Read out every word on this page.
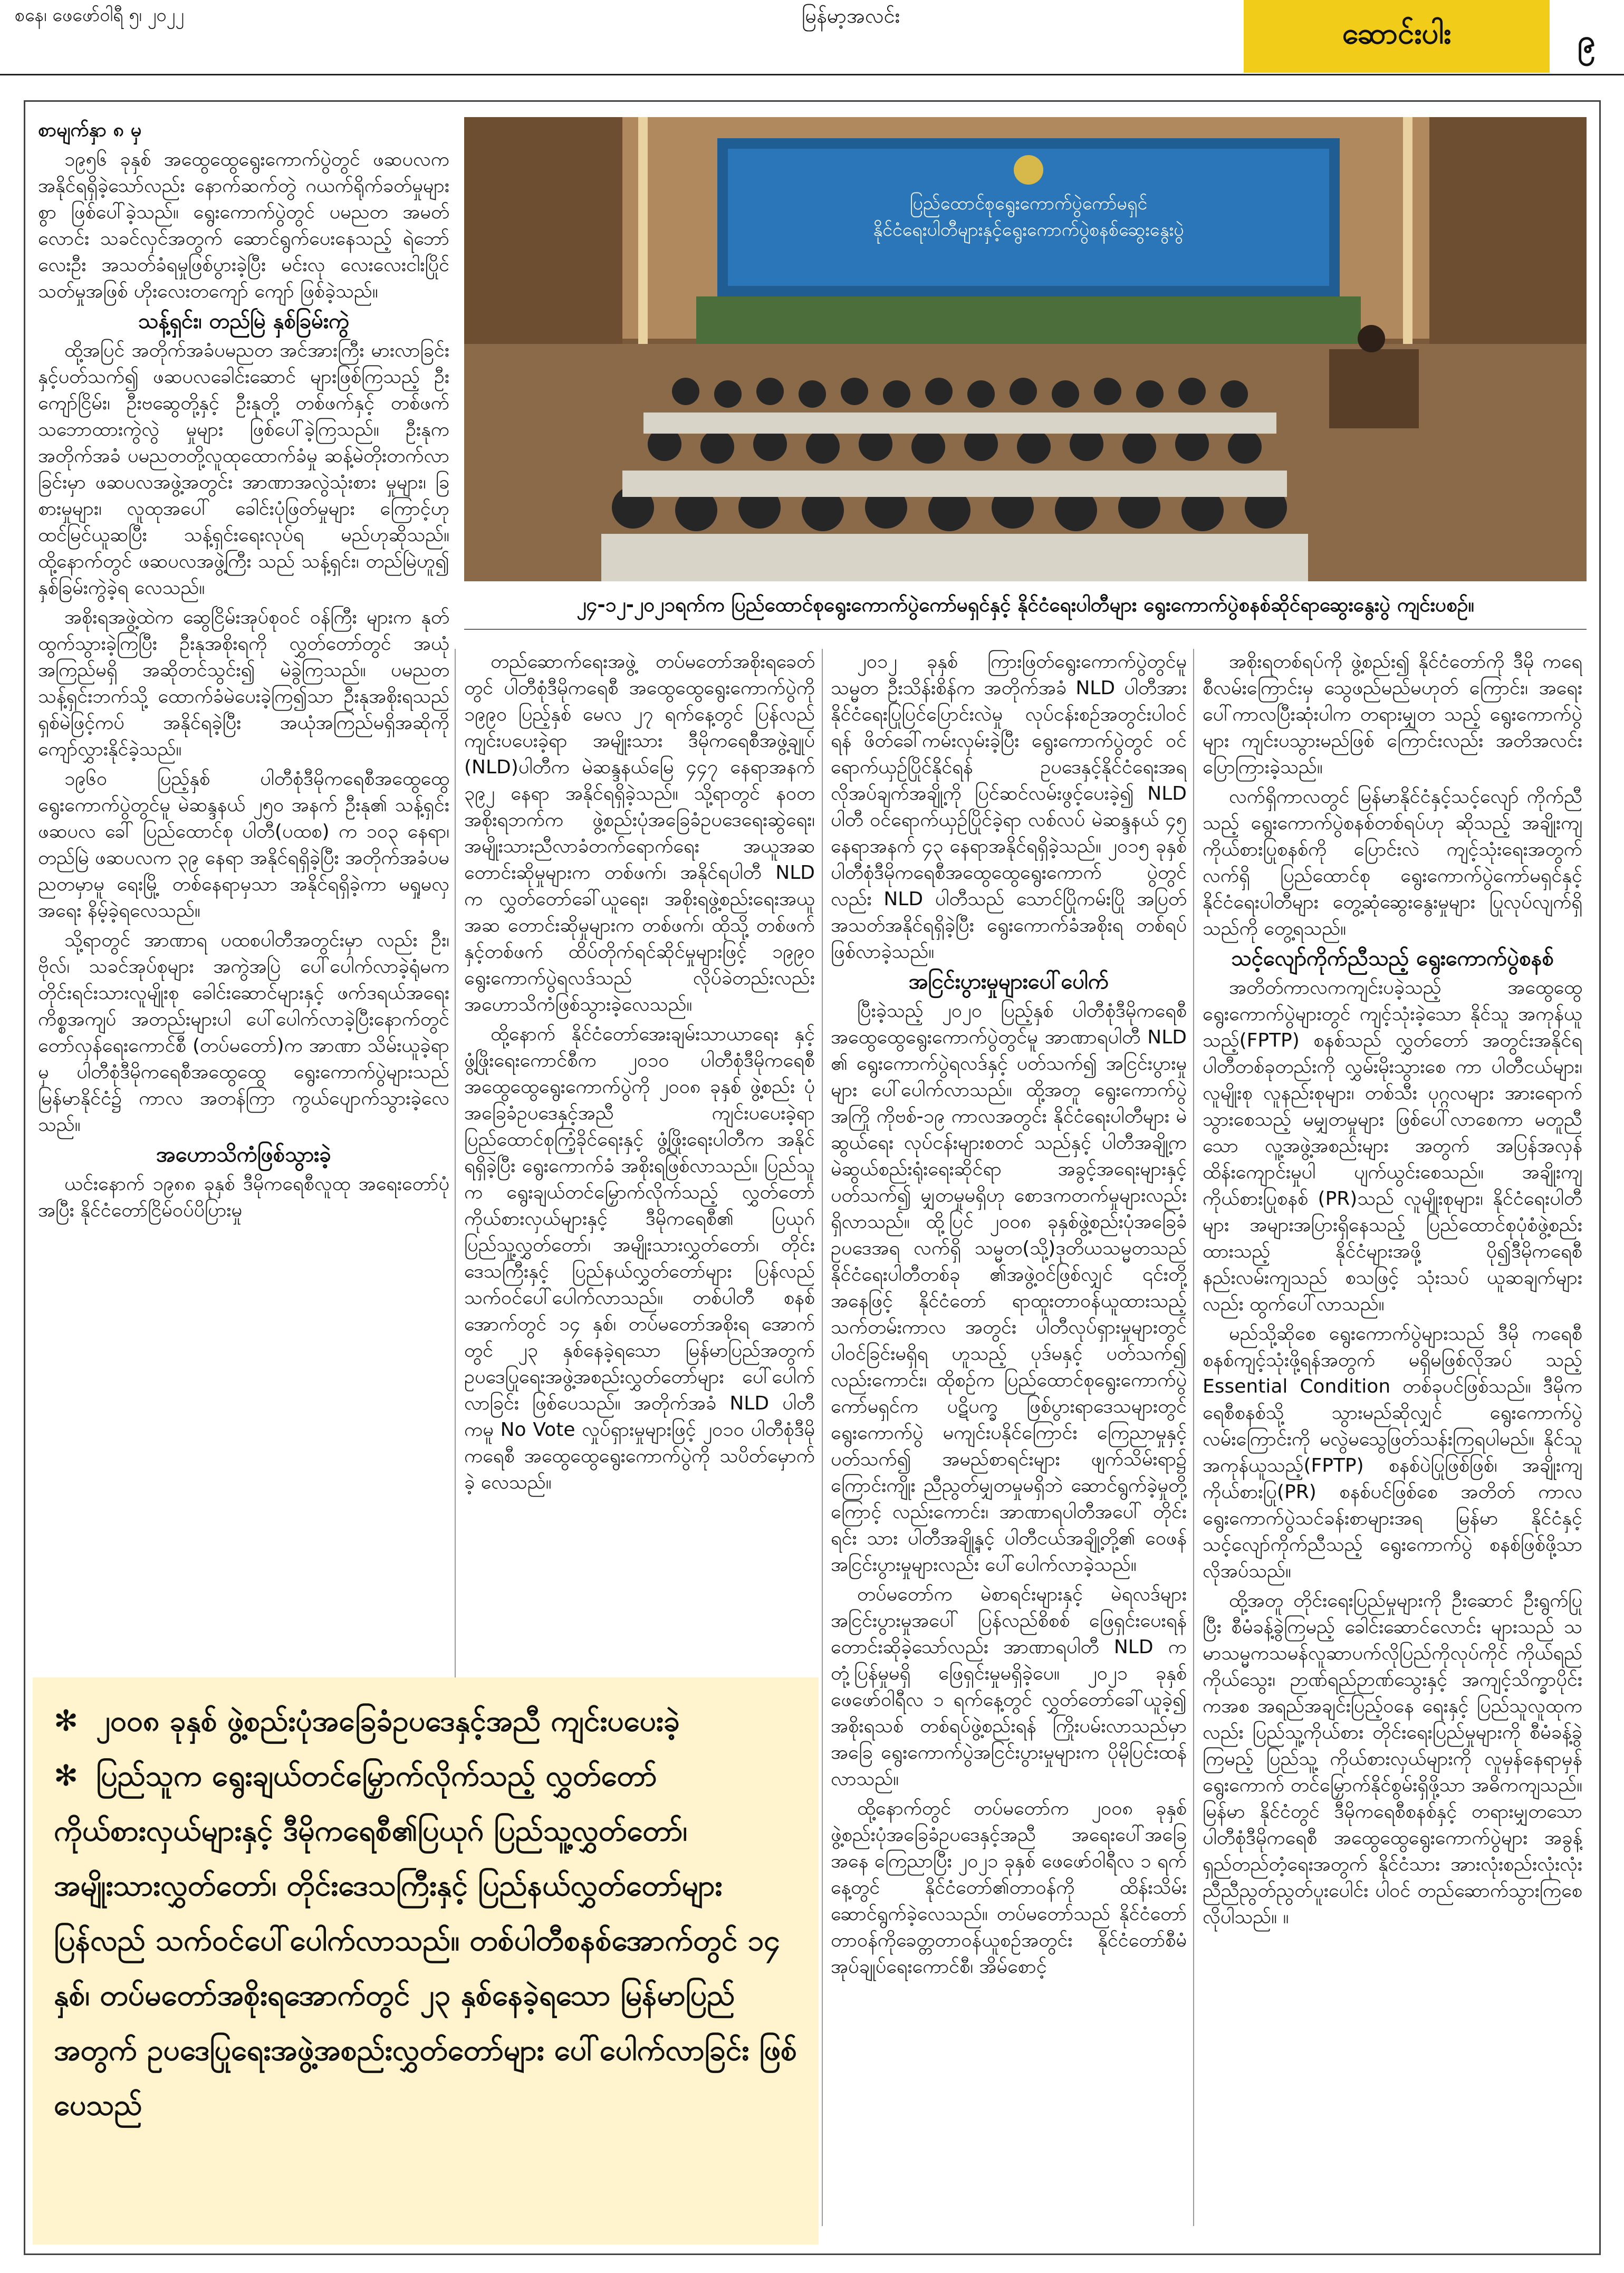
စနေ၊ ဖေဖော်ဝါရီ ၅၊ ၂၀၂၂	မြန်မာ့အလင်း
ဆောင်းပါး	၉
ပြည်ထောင်စုရွေးကောက်ပွဲကော်မရှင်
နိုင်ငံရေးပါတီများနှင့်ရွေးကောက်ပွဲစနစ်ဆွေးနွေးပွဲ
၂၄-၁၂-၂၀၂၁ရက်က ပြည်ထောင်စုရွေးကောက်ပွဲကော်မရှင်နှင့် နိုင်ငံရေးပါတီများ ရွေးကောက်ပွဲစနစ်ဆိုင်ရာဆွေးနွေးပွဲ ကျင်းပစဉ်။

စာမျက်နှာ ၈ မှ

၁၉၅၆ ခုနှစ် အထွေထွေရွေးကောက်ပွဲတွင် ဖဆပလကအနိုင်ရရှိခဲ့သော်လည်း နောက်ဆက်တွဲ ဂယက်ရိုက်ခတ်မှုများစွာ ဖြစ်ပေါ်ခဲ့သည်။ ရွေးကောက်ပွဲတွင် ပမညတ အမတ်လောင်း သခင်လှင်အတွက် ဆောင်ရွက်ပေးနေသည့် ရဲဘော် လေးဦး အသတ်ခံရမှုဖြစ်ပွားခဲ့ပြီး မင်းလု လေးလေးငါးပြိုင်သတ်မှုအဖြစ် ဟိုးလေးတကျော် ကျော် ဖြစ်ခဲ့သည်။

သန့်ရှင်း၊ တည်မြဲ နှစ်ခြမ်းကွဲ

ထို့အပြင် အတိုက်အခံပမညတ အင်အားကြီး မားလာခြင်းနှင့်ပတ်သက်၍ ဖဆပလခေါင်းဆောင် များဖြစ်ကြသည့် ဦးကျော်ငြိမ်း၊ ဦးဗဆွေတို့နှင့် ဦးနုတို့ တစ်ဖက်နှင့် တစ်ဖက်သဘောထားကွဲလွဲ မှုများ ဖြစ်ပေါ်ခဲ့ကြသည်။ ဦးနုက အတိုက်အခံ ပမညတတို့လူထုထောက်ခံမှု ဆန့်မဲတိုးတက်လာ ခြင်းမှာ ဖဆပလအဖွဲ့အတွင်း အာဏာအလွဲသုံးစား မှုများ၊ ခြစားမှုများ၊ လူထုအပေါ် ခေါင်းပုံဖြတ်မှုများ ကြောင့်ဟု ထင်မြင်ယူဆပြီး သန့်ရှင်းရေးလုပ်ရ မည်ဟုဆိုသည်။ ထို့နောက်တွင် ဖဆပလအဖွဲ့ကြီး သည် သန့်ရှင်း၊ တည်မြဲဟူ၍ နှစ်ခြမ်းကွဲခဲ့ရ လေသည်။

အစိုးရအဖွဲ့ထဲက ဆွေငြိမ်းအုပ်စုဝင် ဝန်ကြီး များက နုတ်ထွက်သွားခဲ့ကြပြီး ဦးနုအစိုးရကို လွှတ်တော်တွင် အယုံအကြည်မရှိ အဆိုတင်သွင်း၍ မဲခွဲကြသည်။ ပမညတ သန့်ရှင်းဘက်သို့ ထောက်ခံမဲပေးခဲ့ကြ၍သာ ဦးနုအစိုးရသည် ရှစ်မဲဖြင့်ကပ် အနိုင်ရခဲ့ပြီး အယုံအကြည်မရှိအဆိုကို ကျော်လွှားနိုင်ခဲ့သည်။

၁၉၆၀ ပြည့်နှစ် ပါတီစုံဒီမိုကရေစီအထွေထွေ ရွေးကောက်ပွဲတွင်မူ မဲဆန္ဒနယ် ၂၅၀ အနက် ဦးနု၏ သန့်ရှင်းဖဆပလ ခေါ် ပြည်ထောင်စု ပါတီ(ပထစ) က ၁၀၃ နေရာ၊ တည်မြဲ ဖဆပလက ၃၉ နေရာ အနိုင်ရရှိခဲ့ပြီး အတိုက်အခံပမညတမှာမူ ရေးမြို့ တစ်နေရာမှသာ အနိုင်ရရှိခဲ့ကာ မရှုမလှအရေး နိမ့်ခဲ့ရလေသည်။

သို့ရာတွင် အာဏာရ ပထစပါတီအတွင်းမှာ လည်း ဦး၊ ဗိုလ်၊ သခင်အုပ်စုများ အကွဲအပြဲ ပေါ်ပေါက်လာခဲ့ရုံမက တိုင်းရင်းသားလူမျိုးစု ခေါင်းဆောင်များနှင့် ဖက်ဒရယ်အရေးကိစ္စအကျပ် အတည်းများပါ ပေါ်ပေါက်လာခဲ့ပြီးနောက်တွင် တော်လှန်ရေးကောင်စီ (တပ်မတော်)က အာဏာ သိမ်းယူခဲ့ရာမှ ပါတီစုံဒီမိုကရေစီအထွေထွေ ရွေးကောက်ပွဲများသည် မြန်မာနိုင်ငံ၌ ကာလ အတန်ကြာ ကွယ်ပျောက်သွားခဲ့လေသည်။

အဟောသိကံဖြစ်သွားခဲ့

ယင်းနောက် ၁၉၈၈ ခုနှစ် ဒီမိုကရေစီလူထု အရေးတော်ပုံအပြီး နိုင်ငံတော်ငြိမ်ဝပ်ပိပြားမှု

တည်ဆောက်ရေးအဖွဲ့ တပ်မတော်အစိုးရခေတ်တွင် ပါတီစုံဒီမိုကရေစီ အထွေထွေရွေးကောက်ပွဲကို ၁၉၉၀ ပြည့်နှစ် မေလ ၂၇ ရက်နေ့တွင် ပြန်လည် ကျင်းပပေးခဲ့ရာ အမျိုးသား ဒီမိုကရေစီအဖွဲ့ချုပ် (NLD)ပါတီက မဲဆန္ဒနယ်မြေ ၄၄၇ နေရာအနက် ၃၉၂ နေရာ အနိုင်ရရှိခဲ့သည်။ သို့ရာတွင် နဝတ အစိုးရဘက်က ဖွဲ့စည်းပုံအခြေခံဥပဒေရေးဆွဲရေး၊ အမျိုးသားညီလာခံတက်ရောက်ရေး အယူအဆ တောင်းဆိုမှုများက တစ်ဖက်၊ အနိုင်ရပါတီ NLD က လွှတ်တော်ခေါ်ယူရေး၊ အစိုးရဖွဲ့စည်းရေးအယူ အဆ တောင်းဆိုမှုများက တစ်ဖက်၊ ထိုသို့ တစ်ဖက်နှင့်တစ်ဖက် ထိပ်တိုက်ရင်ဆိုင်မှုများဖြင့် ၁၉၉၀ ရွေးကောက်ပွဲရလဒ်သည် လိုပ်ခဲတည်းလည်း အဟောသိကံဖြစ်သွားခဲ့လေသည်။

ထို့နောက် နိုင်ငံတော်အေးချမ်းသာယာရေး နှင့်ဖွံ့ဖြိုးရေးကောင်စီက ၂၀၁၀ ပါတီစုံဒီမိုကရေစီ အထွေထွေရွေးကောက်ပွဲကို ၂၀၀၈ ခုနှစ် ဖွဲ့စည်း ပုံ အခြေခံဥပဒေနှင့်အညီ ကျင်းပပေးခဲ့ရာ ပြည်ထောင်စုကြံ့ခိုင်ရေးနှင့် ဖွံ့ဖြိုးရေးပါတီက အနိုင် ရရှိခဲ့ပြီး ရွေးကောက်ခံ အစိုးရဖြစ်လာသည်။ ပြည်သူက ရွေးချယ်တင်မြှောက်လိုက်သည့် လွှတ်တော်ကိုယ်စားလှယ်များနှင့် ဒီမိုကရေစီ၏ ပြယုဂ် ပြည်သူ့လွှတ်တော်၊ အမျိုးသားလွှတ်တော်၊ တိုင်းဒေသကြီးနှင့် ပြည်နယ်လွှတ်တော်များ ပြန်လည် သက်ဝင်ပေါ်ပေါက်လာသည်။ တစ်ပါတီ စနစ်အောက်တွင် ၁၄ နှစ်၊ တပ်မတော်အစိုးရ အောက်တွင် ၂၃ နှစ်နေခဲ့ရသော မြန်မာပြည်အတွက် ဥပဒေပြုရေးအဖွဲ့အစည်းလွှတ်တော်များ ပေါ်ပေါက် လာခြင်း ဖြစ်ပေသည်။ အတိုက်အခံ NLD ပါတီကမူ No Vote လှုပ်ရှားမှုများဖြင့် ၂၀၁၀ ပါတီစုံဒီမိုကရေစီ အထွေထွေရွေးကောက်ပွဲကို သပိတ်မှောက်ခဲ့ လေသည်။

၂၀၁၂ ခုနှစ် ကြားဖြတ်ရွေးကောက်ပွဲတွင်မူ သမ္မတ ဦးသိန်းစိန်က အတိုက်အခံ NLD ပါတီအား နိုင်ငံရေးပြုပြင်ပြောင်းလဲမှု လုပ်ငန်းစဉ်အတွင်းပါဝင် ရန် ဖိတ်ခေါ်ကမ်းလှမ်းခဲ့ပြီး ရွေးကောက်ပွဲတွင် ဝင်ရောက်ယှဉ်ပြိုင်နိုင်ရန် ဥပဒေနှင့်နိုင်ငံရေးအရ လိုအပ်ချက်အချို့ကို ပြင်ဆင်လမ်းဖွင့်ပေးခဲ့၍ NLD ပါတီ ဝင်ရောက်ယှဉ်ပြိုင်ခဲ့ရာ လစ်လပ် မဲဆန္ဒနယ် ၄၅ နေရာအနက် ၄၃ နေရာအနိုင်ရရှိခဲ့သည်။ ၂၀၁၅ ခုနှစ် ပါတီစုံဒီမိုကရေစီအထွေထွေရွေးကောက် ပွဲတွင်လည်း NLD ပါတီသည် သောင်ပြိုကမ်းပြို အပြတ် အသတ်အနိုင်ရရှိခဲ့ပြီး ရွေးကောက်ခံအစိုးရ တစ်ရပ်ဖြစ်လာခဲ့သည်။

အငြင်းပွားမှုများပေါ်ပေါက်

ပြီးခဲ့သည့် ၂၀၂၀ ပြည့်နှစ် ပါတီစုံဒီမိုကရေစီ အထွေထွေရွေးကောက်ပွဲတွင်မူ အာဏာရပါတီ NLD ၏ ရွေးကောက်ပွဲရလဒ်နှင့် ပတ်သက်၍ အငြင်းပွားမှုများ ပေါ်ပေါက်လာသည်။ ထို့အတူ ရွေးကောက်ပွဲအကြို ကိုဗစ်-၁၉ ကာလအတွင်း နိုင်ငံရေးပါတီများ မဲဆွယ်ရေး လုပ်ငန်းများစတင် သည်နှင့် ပါတီအချို့က မဲဆွယ်စည်းရုံးရေးဆိုင်ရာ အခွင့်အရေးများနှင့်ပတ်သက်၍ မျှတမှုမရှိဟု စောဒကတက်မှုများလည်း ရှိလာသည်။ ထို့ပြင် ၂၀၀၈ ခုနှစ်ဖွဲ့စည်းပုံအခြေခံ ဥပဒေအရ လက်ရှိ သမ္မတ(သို့)ဒုတိယသမ္မတသည် နိုင်ငံရေးပါတီတစ်ခု ၏အဖွဲ့ဝင်ဖြစ်လျှင် ၎င်းတို့အနေဖြင့် နိုင်ငံတော် ရာထူးတာဝန်ယူထားသည့် သက်တမ်းကာလ အတွင်း ပါတီလုပ်ရှားမှုများတွင် ပါဝင်ခြင်းမရှိရ ဟူသည့် ပုဒ်မနှင့် ပတ်သက်၍ လည်းကောင်း၊ ထိုစဉ်က ပြည်ထောင်စုရွေးကောက်ပွဲကော်မရှင်က ပဋိပက္ခ ဖြစ်ပွားရာဒေသများတွင် ရွေးကောက်ပွဲ မကျင်းပနိုင်ကြောင်း ကြေညာမှုနှင့် ပတ်သက်၍ အမည်စာရင်းများ ဖျက်သိမ်းရာ၌ ကြောင်းကျိုး ညီညွတ်မျှတမှုမရှိဘဲ ဆောင်ရွက်ခဲ့မှုတို့ကြောင့် လည်းကောင်း၊ အာဏာရပါတီအပေါ် တိုင်းရင်း သား ပါတီအချို့နှင့် ပါတီငယ်အချို့တို့၏ ဝေဖန် အငြင်းပွားမှုများလည်း ပေါ်ပေါက်လာခဲ့သည်။

တပ်မတော်က မဲစာရင်းများနှင့် မဲရလဒ်များ အငြင်းပွားမှုအပေါ် ပြန်လည်စိစစ် ဖြေရှင်းပေးရန် တောင်းဆိုခဲ့သော်လည်း အာဏာရပါတီ NLD က တုံ့ပြန်မှုမရှိ ဖြေရှင်းမှုမရှိခဲ့ပေ။ ၂၀၂၁ ခုနှစ် ဖေဖော်ဝါရီလ ၁ ရက်နေ့တွင် လွှတ်တော်ခေါ်ယူခဲ့၍ အစိုးရသစ် တစ်ရပ်ဖွဲ့စည်းရန် ကြိုးပမ်းလာသည်မှာ အခြေ ရွေးကောက်ပွဲအငြင်းပွားမှုများက ပိုမိုပြင်းထန် လာသည်။

ထို့နောက်တွင် တပ်မတော်က ၂၀၀၈ ခုနှစ် ဖွဲ့စည်းပုံအခြေခံဥပဒေနှင့်အညီ အရေးပေါ်အခြေ အနေ ကြေညာပြီး ၂၀၂၁ ခုနှစ် ဖေဖော်ဝါရီလ ၁ ရက်နေ့တွင် နိုင်ငံတော်၏တာဝန်ကို ထိန်းသိမ်း ဆောင်ရွက်ခဲ့လေသည်။ တပ်မတော်သည် နိုင်ငံတော် တာဝန်ကိုခေတ္တတာဝန်ယူစဉ်အတွင်း နိုင်ငံတော်စီမံအုပ်ချုပ်ရေးကောင်စီ၊ အိမ်စောင့်

အစိုးရတစ်ရပ်ကို ဖွဲ့စည်း၍ နိုင်ငံတော်ကို ဒီမို ကရေစီလမ်းကြောင်းမှ သွေဖည်မည်မဟုတ် ကြောင်း၊ အရေးပေါ်ကာလပြီးဆုံးပါက တရားမျှတ သည့် ရွေးကောက်ပွဲများ ကျင်းပသွားမည်ဖြစ် ကြောင်းလည်း အတိအလင်း ပြောကြားခဲ့သည်။

လက်ရှိကာလတွင် မြန်မာနိုင်ငံနှင့်သင့်လျော် ကိုက်ညီသည့် ရွေးကောက်ပွဲစနစ်တစ်ရပ်ဟု ဆိုသည့် အချိုးကျကိုယ်စားပြုစနစ်ကို ပြောင်းလဲ ကျင့်သုံးရေးအတွက် လက်ရှိ ပြည်ထောင်စု ရွေးကောက်ပွဲကော်မရှင်နှင့် နိုင်ငံရေးပါတီများ တွေ့ဆုံဆွေးနွေးမှုများ ပြုလုပ်လျက်ရှိသည်ကို တွေ့ရသည်။

သင့်လျော်ကိုက်ညီသည့် ရွေးကောက်ပွဲစနစ်

အတိတ်ကာလကကျင်းပခဲ့သည့် အထွေထွေ ရွေးကောက်ပွဲများတွင် ကျင့်သုံးခဲ့သော နိုင်သူ အကုန်ယူသည့်(FPTP) စနစ်သည် လွှတ်တော် အတွင်းအနိုင်ရပါတီတစ်ခုတည်းကို လွှမ်းမိုးသွားစေ ကာ ပါတီငယ်များ၊ လူမျိုးစု လူနည်းစုများ၊ တစ်သီး ပုဂ္ဂလများ အားရောက်သွားစေသည့် မမျှတမှုများ ဖြစ်ပေါ်လာစေကာ မတူညီသော လူ့အဖွဲ့အစည်းများ အတွက် အပြန်အလှန်ထိန်းကျောင်းမှုပါ ပျက်ယွင်းစေသည်။ အချိုးကျ ကိုယ်စားပြုစနစ် (PR)သည် လူမျိုးစုများ၊ နိုင်ငံရေးပါတီများ အများအပြားရှိနေသည့် ပြည်ထောင်စုပုံစံဖွဲ့စည်းထားသည့် နိုင်ငံများအဖို့ ပို၍ဒီမိုကရေစီနည်းလမ်းကျသည် စသဖြင့် သုံးသပ် ယူဆချက်များလည်း ထွက်ပေါ်လာသည်။

မည်သို့ဆိုစေ ရွေးကောက်ပွဲများသည် ဒီမို ကရေစီ စနစ်ကျင့်သုံးဖို့ရန်အတွက် မရှိမဖြစ်လိုအပ် သည့် Essential Condition တစ်ခုပင်ဖြစ်သည်။ ဒီမိုကရေစီစနစ်သို့ သွားမည်ဆိုလျှင် ရွေးကောက်ပွဲ လမ်းကြောင်းကို မလွဲမသွေဖြတ်သန်းကြရပါမည်။ နိုင်သူအကုန်ယူသည့်(FPTP) စနစ်ပဲပြုဖြစ်ဖြစ်၊ အချိုးကျကိုယ်စားပြု(PR) စနစ်ပင်ဖြစ်စေ အတိတ် ကာလရွေးကောက်ပွဲသင်ခန်းစာများအရ မြန်မာ နိုင်ငံနှင့် သင့်လျော်ကိုက်ညီသည့် ရွေးကောက်ပွဲ စနစ်ဖြစ်ဖို့သာ လိုအပ်သည်။

ထို့အတူ တိုင်းရေးပြည်မှုများကို ဦးဆောင် ဦးရွက်ပြုပြီး စီမံခန့်ခွဲကြမည့် ခေါင်းဆောင်လောင်း များသည် သမာသမ္မကသမန်လူဆာပက်လိုပြည်ကိုလုပ်ကိုင် ကိုယ်ရည် ကိုယ်သွေး၊ ဉာဏ်ရည်ဉာဏ်သွေးနှင့် အကျင့်သိက္ခာပိုင်းကအစ အရည်အချင်းပြည့်ဝနေ ရေးနှင့် ပြည်သူလူထုကလည်း ပြည်သူ့ကိုယ်စား တိုင်းရေးပြည်မှုများကို စီမံခန့်ခွဲကြမည့် ပြည်သူ့ ကိုယ်စားလှယ်များကို လူမှန်နေရာမှန် ရွေးကောက် တင်မြှောက်နိုင်စွမ်းရှိဖို့သာ အဓိကကျသည်။ မြန်မာ နိုင်ငံတွင် ဒီမိုကရေစီစနစ်နှင့် တရားမျှတသော ပါတီစုံဒီမိုကရေစီ အထွေထွေရွေးကောက်ပွဲများ အခွန့်ရှည်တည်တံ့ရေးအတွက် နိုင်ငံသား အားလုံးစည်းလုံးလုံး ညီညီညွတ်ညွတ်ပူးပေါင်း ပါဝင် တည်ဆောက်သွားကြစေလိုပါသည်။ ။

✻ ၂၀၀၈ ခုနှစ် ဖွဲ့စည်းပုံအခြေခံဥပဒေနှင့်အညီ ကျင်းပပေးခဲ့
✻ ပြည်သူက ရွေးချယ်တင်မြှောက်လိုက်သည့် လွှတ်တော်ကိုယ်စားလှယ်များနှင့် ဒီမိုကရေစီ၏ပြယုဂ် ပြည်သူ့လွှတ်တော်၊ အမျိုးသားလွှတ်တော်၊ တိုင်းဒေသကြီးနှင့် ပြည်နယ်လွှတ်တော်များ ပြန်လည် သက်ဝင်ပေါ်ပေါက်လာသည်။ တစ်ပါတီစနစ်အောက်တွင် ၁၄ နှစ်၊ တပ်မတော်အစိုးရအောက်တွင် ၂၃ နှစ်နေခဲ့ရသော မြန်မာပြည်အတွက် ဥပဒေပြုရေးအဖွဲ့အစည်းလွှတ်တော်များ ပေါ်ပေါက်လာခြင်း ဖြစ်ပေသည်
